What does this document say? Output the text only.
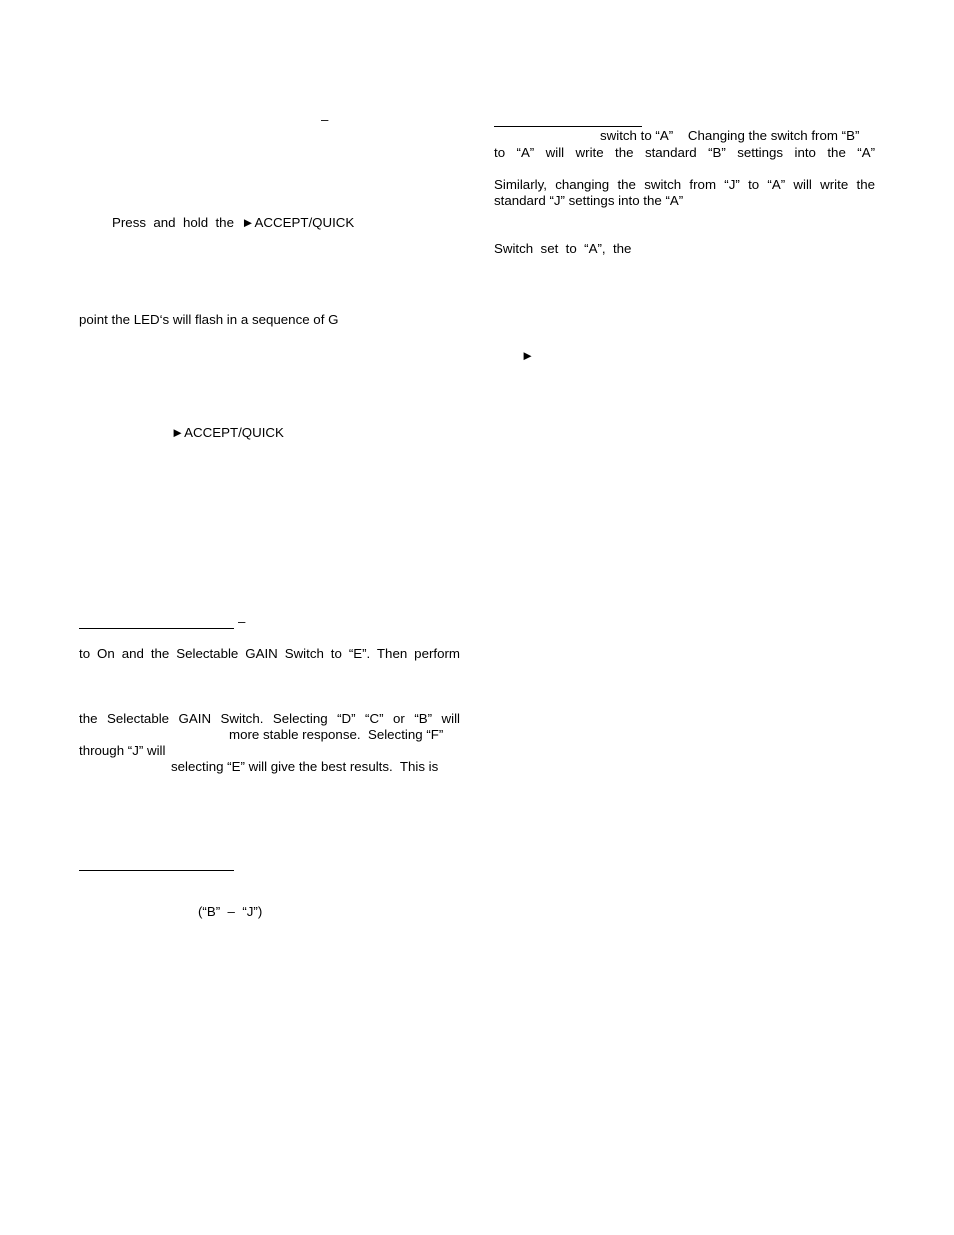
–
Press  and  hold  the  ►ACCEPT/QUICK
point the LED‘s will flash in a sequence of G
►ACCEPT/QUICK
–
to On and the Selectable GAIN Switch to “E”. Then perform
the Selectable GAIN Switch. Selecting “D” “C” or “B” will
more stable response.  Selecting “F”
through “J” will
selecting “E” will give the best results.  This is
(“B”  –  “J”)
switch to “A”    Changing the switch from “B”
to “A” will write the standard “B” settings into the “A”
Similarly, changing the switch from “J” to “A” will write the
standard “J” settings into the “A”
Switch  set  to  “A”,  the
►
